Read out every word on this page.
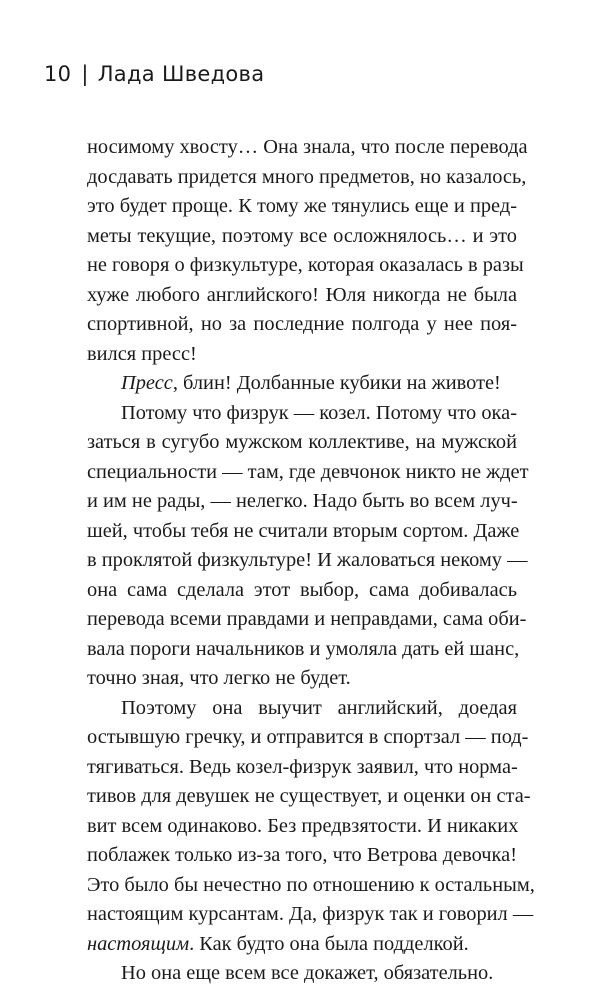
10 | Лада Шведова
носимому хвосту… Она знала, что после перевода
досдавать придется много предметов, но казалось,
это будет проще. К тому же тянулись еще и пред-
меты текущие, поэтому все осложнялось… и это
не говоря о физкультуре, которая оказалась в разы
хуже любого английского! Юля никогда не была
спортивной, но за последние полгода у нее поя-
вился пресс!
Пресс, блин! Долбанные кубики на животе!
Потому что физрук — козел. Потому что ока-
заться в сугубо мужском коллективе, на мужской
специальности — там, где девчонок никто не ждет
и им не рады, — нелегко. Надо быть во всем луч-
шей, чтобы тебя не считали вторым сортом. Даже
в проклятой физкультуре! И жаловаться некому —
она сама сделала этот выбор, сама добивалась
перевода всеми правдами и неправдами, сама оби-
вала пороги начальников и умоляла дать ей шанс,
точно зная, что легко не будет.
Поэтому она выучит английский, доедая
остывшую гречку, и отправится в спортзал — под-
тягиваться. Ведь козел-физрук заявил, что норма-
тивов для девушек не существует, и оценки он ста-
вит всем одинаково. Без предвзятости. И никаких
поблажек только из-за того, что Ветрова девочка!
Это было бы нечестно по отношению к остальным,
настоящим курсантам. Да, физрук так и говорил —
настоящим. Как будто она была подделкой.
Но она еще всем все докажет, обязательно.
